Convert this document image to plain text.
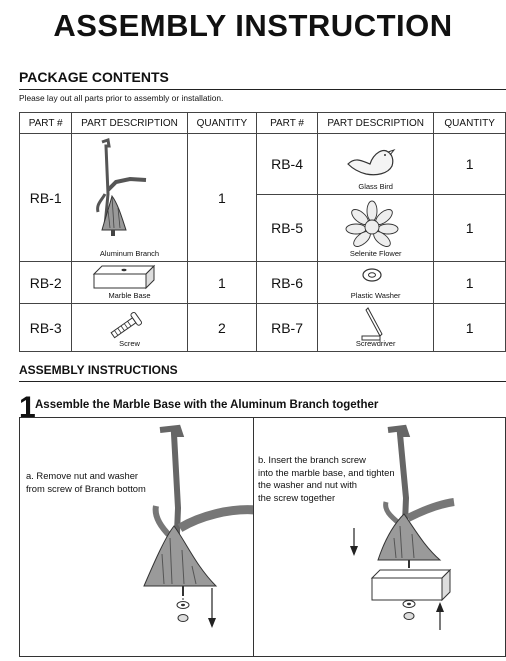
ASSEMBLY INSTRUCTION
PACKAGE CONTENTS
Please lay out all parts prior to assembly or installation.
PART #	PART DESCRIPTION	QUANTITY	PART #	PART DESCRIPTION	QUANTITY
RB-1	Aluminum Branch	1	RB-4	Glass Bird	1
			RB-5	Selenite Flower	1
RB-2	Marble Base	1	RB-6	Plastic Washer	1
RB-3	Screw	2	RB-7	Screwdriver	1
ASSEMBLY INSTRUCTIONS
1 Assemble the Marble Base with the Aluminum Branch together
a. Remove nut and washer
from screw of Branch bottom
b. Insert the branch screw
into the marble base, and tighten
the washer and nut with
the screw together
